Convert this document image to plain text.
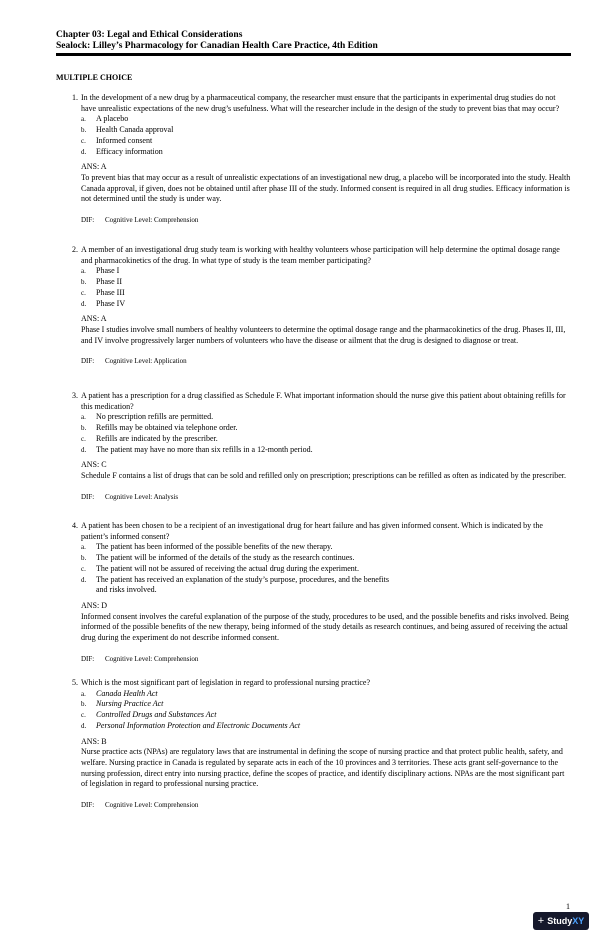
Chapter 03: Legal and Ethical Considerations
Sealock: Lilley’s Pharmacology for Canadian Health Care Practice, 4th Edition
MULTIPLE CHOICE
1. In the development of a new drug by a pharmaceutical company, the researcher must ensure that the participants in experimental drug studies do not have unrealistic expectations of the new drug’s usefulness. What will the researcher include in the design of the study to prevent bias that may occur?

a. A placebo
b. Health Canada approval
c. Informed consent
d. Efficacy information
ANS: A

To prevent bias that may occur as a result of unrealistic expectations of an investigational new drug, a placebo will be incorporated into the study. Health Canada approval, if given, does not be obtained until after phase III of the study. Informed consent is required in all drug studies. Efficacy information is not determined until the study is under way.

DIF: Cognitive Level: Comprehension
2. A member of an investigational drug study team is working with healthy volunteers whose participation will help determine the optimal dosage range and pharmacokinetics of the drug. In what type of study is the team member participating?

a. Phase I
b. Phase II
c. Phase III
d. Phase IV
ANS: A

Phase I studies involve small numbers of healthy volunteers to determine the optimal dosage range and the pharmacokinetics of the drug. Phases II, III, and IV involve progressively larger numbers of volunteers who have the disease or ailment that the drug is designed to diagnose or treat.

DIF: Cognitive Level: Application
3. A patient has a prescription for a drug classified as Schedule F. What important information should the nurse give this patient about obtaining refills for this medication?

a. No prescription refills are permitted.
b. Refills may be obtained via telephone order.
c. Refills are indicated by the prescriber.
d. The patient may have no more than six refills in a 12-month period.
ANS: C

Schedule F contains a list of drugs that can be sold and refilled only on prescription; prescriptions can be refilled as often as indicated by the prescriber.

DIF: Cognitive Level: Analysis
4. A patient has been chosen to be a recipient of an investigational drug for heart failure and has given informed consent. Which is indicated by the patient’s informed consent?

a. The patient has been informed of the possible benefits of the new therapy.
b. The patient will be informed of the details of the study as the research continues.
c. The patient will not be assured of receiving the actual drug during the experiment.
d. The patient has received an explanation of the study’s purpose, procedures, and the benefits and risks involved.
ANS: D

Informed consent involves the careful explanation of the purpose of the study, procedures to be used, and the possible benefits and risks involved. Being informed of the possible benefits of the new therapy, being informed of the study details as research continues, and being assured of receiving the actual drug during the experiment do not describe informed consent.

DIF: Cognitive Level: Comprehension
5. Which is the most significant part of legislation in regard to professional nursing practice?

a. Canada Health Act
b. Nursing Practice Act
c. Controlled Drugs and Substances Act
d. Personal Information Protection and Electronic Documents Act
ANS: B

Nurse practice acts (NPAs) are regulatory laws that are instrumental in defining the scope of nursing practice and that protect public health, safety, and welfare. Nursing practice in Canada is regulated by separate acts in each of the 10 provinces and 3 territories. These acts grant self-governance to the nursing profession, direct entry into nursing practice, define the scopes of practice, and identify disciplinary actions. NPAs are the most significant part of legislation in regard to professional nursing practice.

DIF: Cognitive Level: Comprehension
1
+ Study XY
